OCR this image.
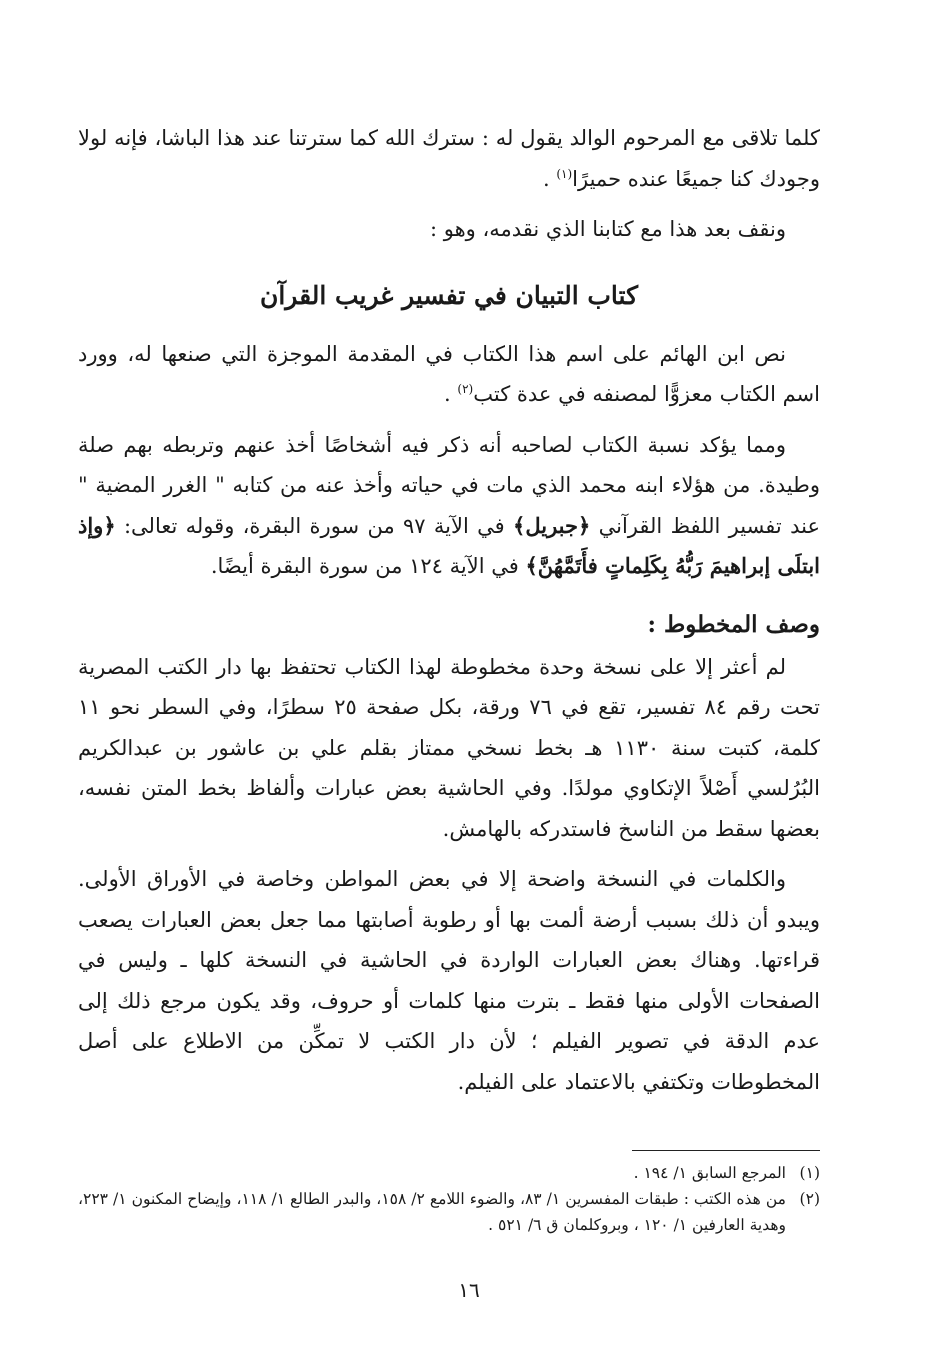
كلما تلاقى مع المرحوم الوالد يقول له : سترك الله كما سترتنا عند هذا الباشا، فإنه لولا وجودك كنا جميعًا عنده حميرًا$^{(١)}$ .

ونقف بعد هذا مع كتابنا الذي نقدمه، وهو :

كتاب التبيان في تفسير غريب القرآن

نص ابن الهائم على اسم هذا الكتاب في المقدمة الموجزة التي صنعها له، وورد اسم الكتاب معزوًّا لمصنفه في عدة كتب$^{(٢)}$ .

ومما يؤكد نسبة الكتاب لصاحبه أنه ذكر فيه أشخاصًا أخذ عنهم وتربطه بهم صلة وطيدة. من هؤلاء ابنه محمد الذي مات في حياته وأخذ عنه من كتابه " الغرر المضية " عند تفسير اللفظ القرآني ﴿جبريل﴾ في الآية ٩٧ من سورة البقرة، وقوله تعالى: ﴿وإذ ابتلَى إبراهيمَ رَبُّهُ بِكَلِماتٍ فأَتَمَّهُنَّ﴾ في الآية ١٢٤ من سورة البقرة أيضًا.

وصف المخطوط :

لم أعثر إلا على نسخة وحدة مخطوطة لهذا الكتاب تحتفظ بها دار الكتب المصرية تحت رقم ٨٤ تفسير، تقع في ٧٦ ورقة، بكل صفحة ٢٥ سطرًا، وفي السطر نحو ١١ كلمة، كتبت سنة ١١٣٠ هـ بخط نسخي ممتاز بقلم علي بن عاشور بن عبدالكريم البُرُلسي أَصْلاً الإتكاوي مولدًا. وفي الحاشية بعض عبارات وألفاظ بخط المتن نفسه، بعضها سقط من الناسخ فاستدركه بالهامش.

والكلمات في النسخة واضحة إلا في بعض المواطن وخاصة في الأوراق الأولى. ويبدو أن ذلك بسبب أرضة ألمت بها أو رطوبة أصابتها مما جعل بعض العبارات يصعب قراءتها. وهناك بعض العبارات الواردة في الحاشية في النسخة كلها ـ وليس في الصفحات الأولى منها فقط ـ بترت منها كلمات أو حروف، وقد يكون مرجع ذلك إلى عدم الدقة في تصوير الفيلم ؛ لأن دار الكتب لا تمكِّن من الاطلاع على أصل المخطوطات وتكتفي بالاعتماد على الفيلم.

(١)
المرجع السابق ١/ ١٩٤ .
(٢)
من هذه الكتب : طبقات المفسرين ١/ ٨٣، والضوء اللامع ٢/ ١٥٨، والبدر الطالع ١/ ١١٨، وإيضاح المكنون ١/ ٢٢٣، وهدية العارفين ١/ ١٢٠ ، وبروكلمان ق ٦/ ٥٢١ .
١٦
